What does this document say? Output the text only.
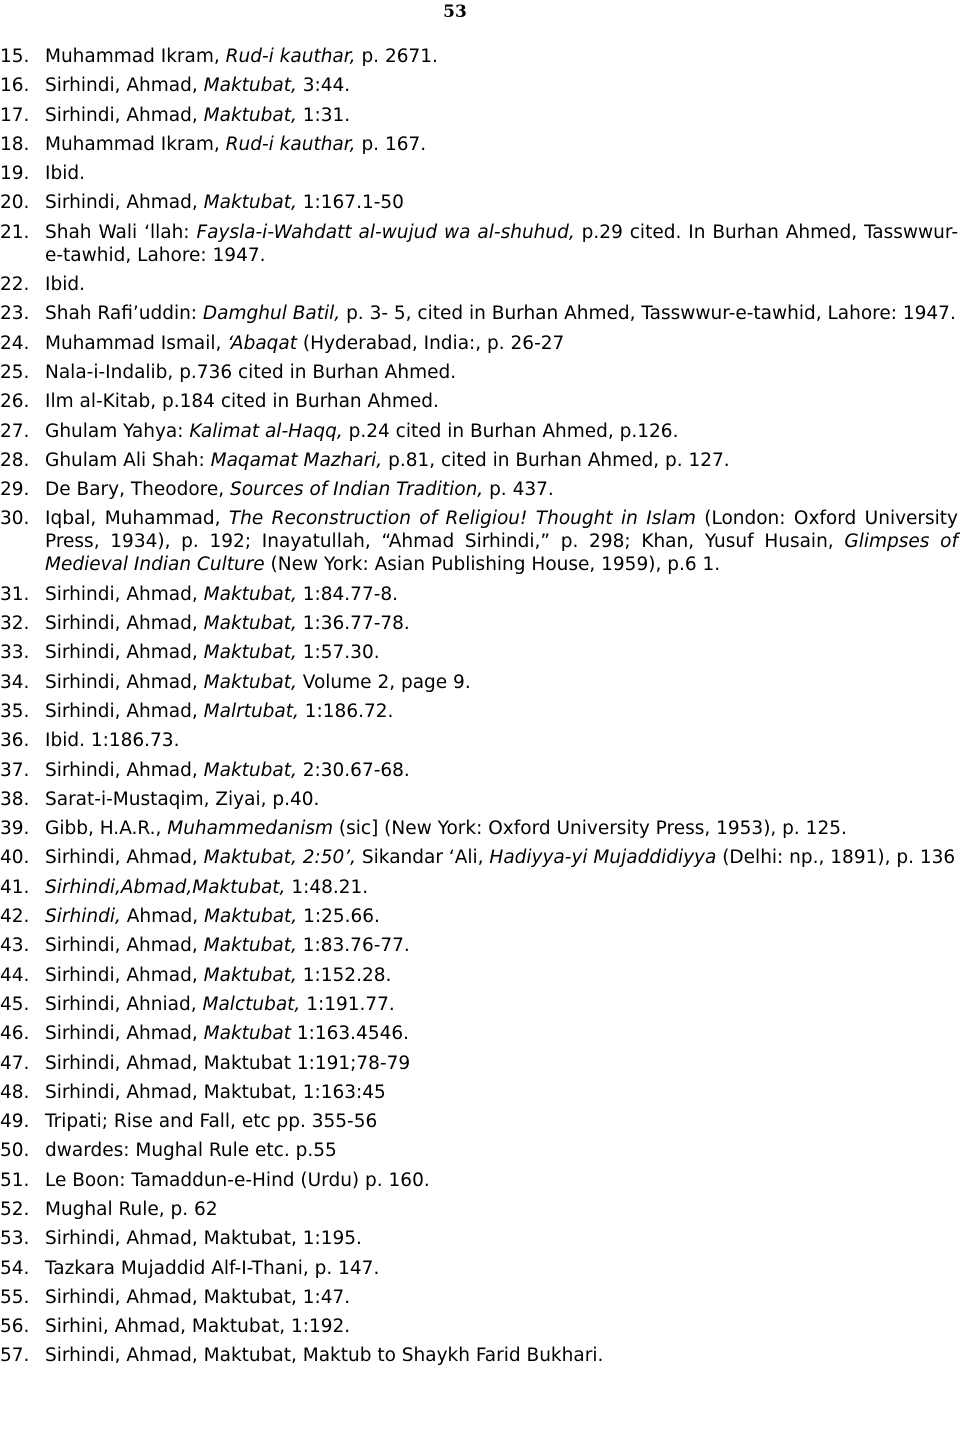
53
15. Muhammad Ikram, Rud-i kauthar, p. 2671.
16. Sirhindi, Ahmad, Maktubat, 3:44.
17. Sirhindi, Ahmad, Maktubat, 1:31.
18. Muhammad Ikram, Rud-i kauthar, p. 167.
19. Ibid.
20. Sirhindi, Ahmad, Maktubat, 1:167.1-50
21. Shah Wali ‘llah: Faysla-i-Wahdatt al-wujud wa al-shuhud, p.29 cited. In Burhan Ahmed, Tasswwur-e-tawhid, Lahore: 1947.
22. Ibid.
23. Shah Rafi’uddin: Damghul Batil, p. 3- 5, cited in Burhan Ahmed, Tasswwur-e-tawhid, Lahore: 1947.
24. Muhammad Ismail, ‘Abaqat (Hyderabad, India:, p. 26-27
25. Nala-i-Indalib, p.736 cited in Burhan Ahmed.
26. Ilm al-Kitab, p.184 cited in Burhan Ahmed.
27. Ghulam Yahya: Kalimat al-Haqq, p.24 cited in Burhan Ahmed, p.126.
28. Ghulam Ali Shah: Maqamat Mazhari, p.81, cited in Burhan Ahmed, p. 127.
29. De Bary, Theodore, Sources of Indian Tradition, p. 437.
30. Iqbal, Muhammad, The Reconstruction of Religiou! Thought in Islam (London: Oxford University Press, 1934), p. 192; Inayatullah, “Ahmad Sirhindi,” p. 298; Khan, Yusuf Husain, Glimpses of Medieval Indian Culture (New York: Asian Publishing House, 1959), p.6 1.
31. Sirhindi, Ahmad, Maktubat, 1:84.77-8.
32. Sirhindi, Ahmad, Maktubat, 1:36.77-78.
33. Sirhindi, Ahmad, Maktubat, 1:57.30.
34. Sirhindi, Ahmad, Maktubat, Volume 2, page 9.
35. Sirhindi, Ahmad, Malrtubat, 1:186.72.
36. Ibid. 1:186.73.
37. Sirhindi, Ahmad, Maktubat, 2:30.67-68.
38. Sarat-i-Mustaqim, Ziyai, p.40.
39. Gibb, H.A.R., Muhammedanism (sic] (New York: Oxford University Press, 1953), p. 125.
40. Sirhindi, Ahmad, Maktubat, 2:50’, Sikandar ‘Ali, Hadiyya-yi Mujaddidiyya (Delhi: np., 1891), p. 136
41. Sirhindi,Abmad,Maktubat, 1:48.21.
42. Sirhindi, Ahmad, Maktubat, 1:25.66.
43. Sirhindi, Ahmad, Maktubat, 1:83.76-77.
44. Sirhindi, Ahmad, Maktubat, 1:152.28.
45. Sirhindi, Ahniad, Malctubat, 1:191.77.
46. Sirhindi, Ahmad, Maktubat 1:163.4546.
47. Sirhindi, Ahmad, Maktubat 1:191;78-79
48. Sirhindi, Ahmad, Maktubat, 1:163:45
49. Tripati; Rise and Fall, etc pp. 355-56
50. dwardes: Mughal Rule etc. p.55
51. Le Boon: Tamaddun-e-Hind (Urdu) p. 160.
52. Mughal Rule, p. 62
53. Sirhindi, Ahmad, Maktubat, 1:195.
54. Tazkara Mujaddid Alf-I-Thani, p. 147.
55. Sirhindi, Ahmad, Maktubat, 1:47.
56. Sirhini, Ahmad, Maktubat, 1:192.
57. Sirhindi, Ahmad, Maktubat, Maktub to Shaykh Farid Bukhari.
